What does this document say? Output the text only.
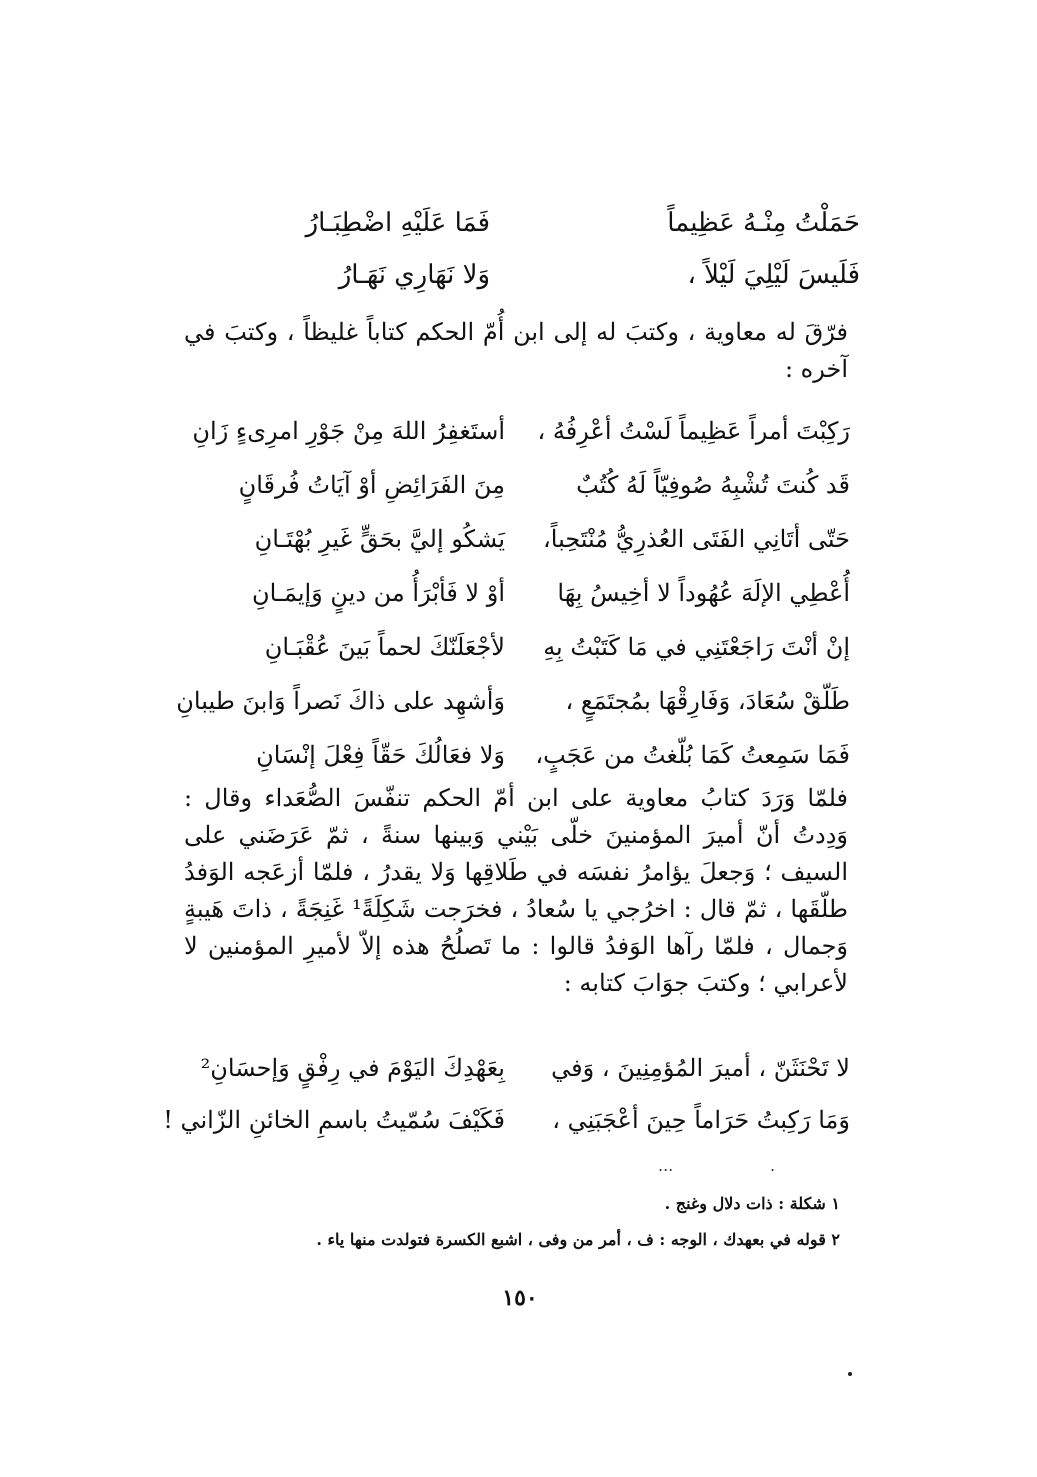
حَمَلْتُ مِنْـهُ عَظِيماً
فَمَا عَلَيْهِ اضْطِبَـارُ
فَلَيسَ لَيْلِيَ لَيْلاً ،
وَلا نَهَارِي نَهَـارُ
فرّقَ له معاوية ، وكتبَ له إلى ابن أُمّ الحكم كتاباً غليظاً ، وكتبَ في آخره :
رَكِبْتَ أمراً عَظِيماً لَسْتُ أعْرِفُهُ ،
أستَغفِرُ اللهَ مِنْ جَوْرِ امرِىءٍ زَانِ
قَد كُنتَ تُشْبِهُ صُوفِيّاً لَهُ كُتُبٌ
مِنَ الفَرَائِضِ أوْ آيَاتُ فُرقَانٍ
حَتّى أتَانِي الفَتَى العُذرِيُّ مُنْتَحِباً،
يَشكُو إليَّ بحَقٍّ غَيرِ بُهْتَـانِ
أُعْطِي الإلَهَ عُهُوداً لا أخِيسُ بِهَا
أوْ لا فَأبْرَأُ من دينٍ وَإيمَـانِ
إنْ أنْتَ رَاجَعْتَنِي في مَا كَتَبْتُ بِهِ
لأجْعَلَنّكَ لحماً بَينَ عُقْبَـانِ
طَلّقْ سُعَادَ، وَفَارِقْهَا بمُجتَمَعٍ ،
وَأشهِد على ذاكَ نَصراً وَابنَ طيبانِ
فَمَا سَمِعتُ كَمَا بُلّغتُ من عَجَبٍ،
وَلا فعَالُكَ حَقّاً فِعْلَ إنْسَانِ
فلمّا وَرَدَ كتابُ معاوية على ابن أمّ الحكم تنفّسَ الصُّعَداء وقال : وَدِدتُ أنّ أميرَ المؤمنينَ خلّى بَيْني وَبينها سنةً ، ثمّ عَرَضَني على السيف ؛ وَجعلَ يؤامرُ نفسَه في طَلاقِها وَلا يقدرُ ، فلمّا أزعَجه الوَفدُ طلّقَها ، ثمّ قال : اخرُجي يا سُعادُ ، فخرَجت شَكِلَةً¹ غَنِجَةً ، ذاتَ هَيبةٍ وَجمال ، فلمّا رآها الوَفدُ قالوا : ما تَصلُحُ هذه إلاّ لأميرِ المؤمنين لا لأعرابي ؛ وكتبَ جوَابَ كتابه :
لا تَحْنَثَنّ ، أميرَ المُؤمِنِينَ ، وَفي
بِعَهْدِكَ اليَوْمَ في رِفْقٍ وَإحسَانِ²
وَمَا رَكِبتُ حَرَاماً حِينَ أعْجَبَنِي ،
فَكَيْفَ سُمّيتُ باسمِ الخائنِ الزّاني !
...	.
١ شكلة : ذات دلال وغنج .
٢ قوله في بعهدك ، الوجه : ف ، أمر من وفى ، اشبع الكسرة فتولدت منها ياء .
١٥٠
